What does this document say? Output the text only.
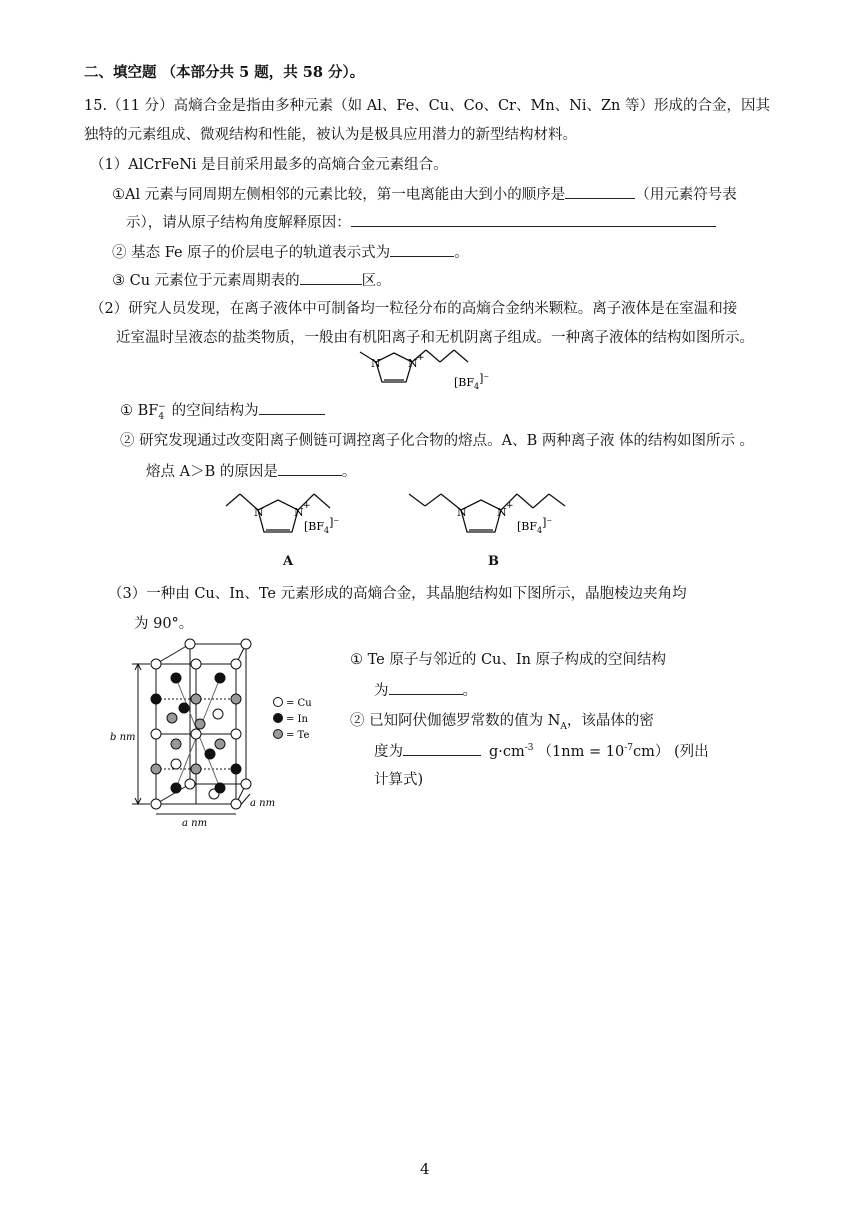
二、填空题 （本部分共 5 题，共 58 分）。
15.（11 分）高熵合金是指由多种元素（如 Al、Fe、Cu、Co、Cr、Mn、Ni、Zn 等）形成的合金，因其
独特的元素组成、微观结构和性能，被认为是极具应用潜力的新型结构材料。
（1）AlCrFeNi 是目前采用最多的高熵合金元素组合。
①Al 元素与同周期左侧相邻的元素比较，第一电离能由大到小的顺序是	（用元素符号表
示），请从原子结构角度解释原因：
② 基态 Fe 原子的价层电子的轨道表示式为	。
③ Cu 元素位于元素周期表的	区。
（2）研究人员发现，在离子液体中可制备均一粒径分布的高熵合金纳米颗粒。离子液体是在室温和接
近室温时呈液态的盐类物质，一般由有机阳离子和无机阴离子组成。一种离子液体的结构如图所示。
N N +
$[BF_4]^-$
① $BF_4^-$ 的空间结构为
② 研究发现通过改变阳离子侧链可调控离子化合物的熔点。A、B 两种离子液 体的结构如图所示 。
熔点 A＞B 的原因是	。
N	N +
$[BF_4]^-$
A
N	N +
$[BF_4]^-$
B
（3）一种由 Cu、In、Te 元素形成的高熵合金，其晶胞结构如下图所示，晶胞棱边夹角均
为 90°。
= Cu
= In
= Te
b nm
a nm
a nm
① Te 原子与邻近的 Cu、In 原子构成的空间结构
为	。
② 已知阿伏伽德罗常数的值为 $N_A$，该晶体的密
度为	$g\cdot cm^{-3}$ $(1nm = 10^{-7}cm)$ (列出
计算式)
4
